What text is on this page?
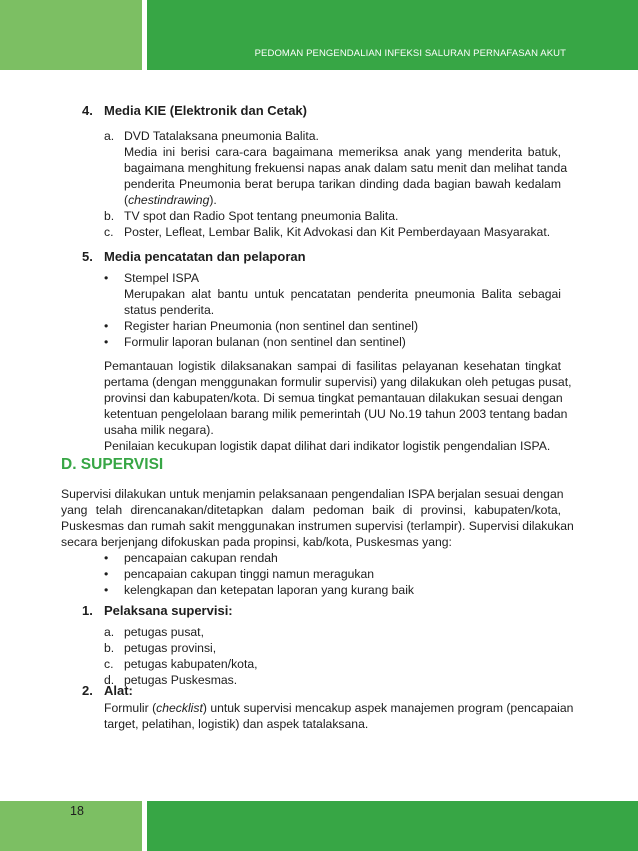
PEDOMAN PENGENDALIAN INFEKSI SALURAN PERNAFASAN AKUT
4. Media KIE (Elektronik dan Cetak)
a. DVD Tatalaksana pneumonia Balita.
Media ini berisi cara-cara bagaimana memeriksa anak yang menderita batuk,
bagaimana menghitung frekuensi napas anak dalam satu menit dan melihat tanda
penderita Pneumonia berat berupa tarikan dinding dada bagian bawah kedalam
(chestindrawing).
b. TV spot dan Radio Spot tentang pneumonia Balita.
c. Poster, Lefleat, Lembar Balik, Kit Advokasi dan Kit Pemberdayaan Masyarakat.
5. Media pencatatan dan pelaporan
• Stempel ISPA
Merupakan alat bantu untuk pencatatan penderita pneumonia Balita sebagai
status penderita.
• Register harian Pneumonia (non sentinel dan sentinel)
• Formulir laporan bulanan (non sentinel dan sentinel)
Pemantauan logistik dilaksanakan sampai di fasilitas pelayanan kesehatan tingkat
pertama (dengan menggunakan formulir supervisi) yang dilakukan oleh petugas pusat,
provinsi dan kabupaten/kota. Di semua tingkat pemantauan dilakukan sesuai dengan
ketentuan pengelolaan barang milik pemerintah (UU No.19 tahun 2003 tentang badan
usaha milik negara).
Penilaian kecukupan logistik dapat dilihat dari indikator logistik pengendalian ISPA.
D. SUPERVISI
Supervisi dilakukan untuk menjamin pelaksanaan pengendalian ISPA berjalan sesuai dengan
yang telah direncanakan/ditetapkan dalam pedoman baik di provinsi, kabupaten/kota,
Puskesmas dan rumah sakit menggunakan instrumen supervisi (terlampir). Supervisi dilakukan
secara berjenjang difokuskan pada propinsi, kab/kota, Puskesmas yang:
• pencapaian cakupan rendah
• pencapaian cakupan tinggi namun meragukan
• kelengkapan dan ketepatan laporan yang kurang baik
1. Pelaksana supervisi:
a. petugas pusat,
b. petugas provinsi,
c. petugas kabupaten/kota,
d. petugas Puskesmas.
2. Alat:
Formulir (checklist) untuk supervisi mencakup aspek manajemen program (pencapaian
target, pelatihan, logistik) dan aspek tatalaksana.
18
